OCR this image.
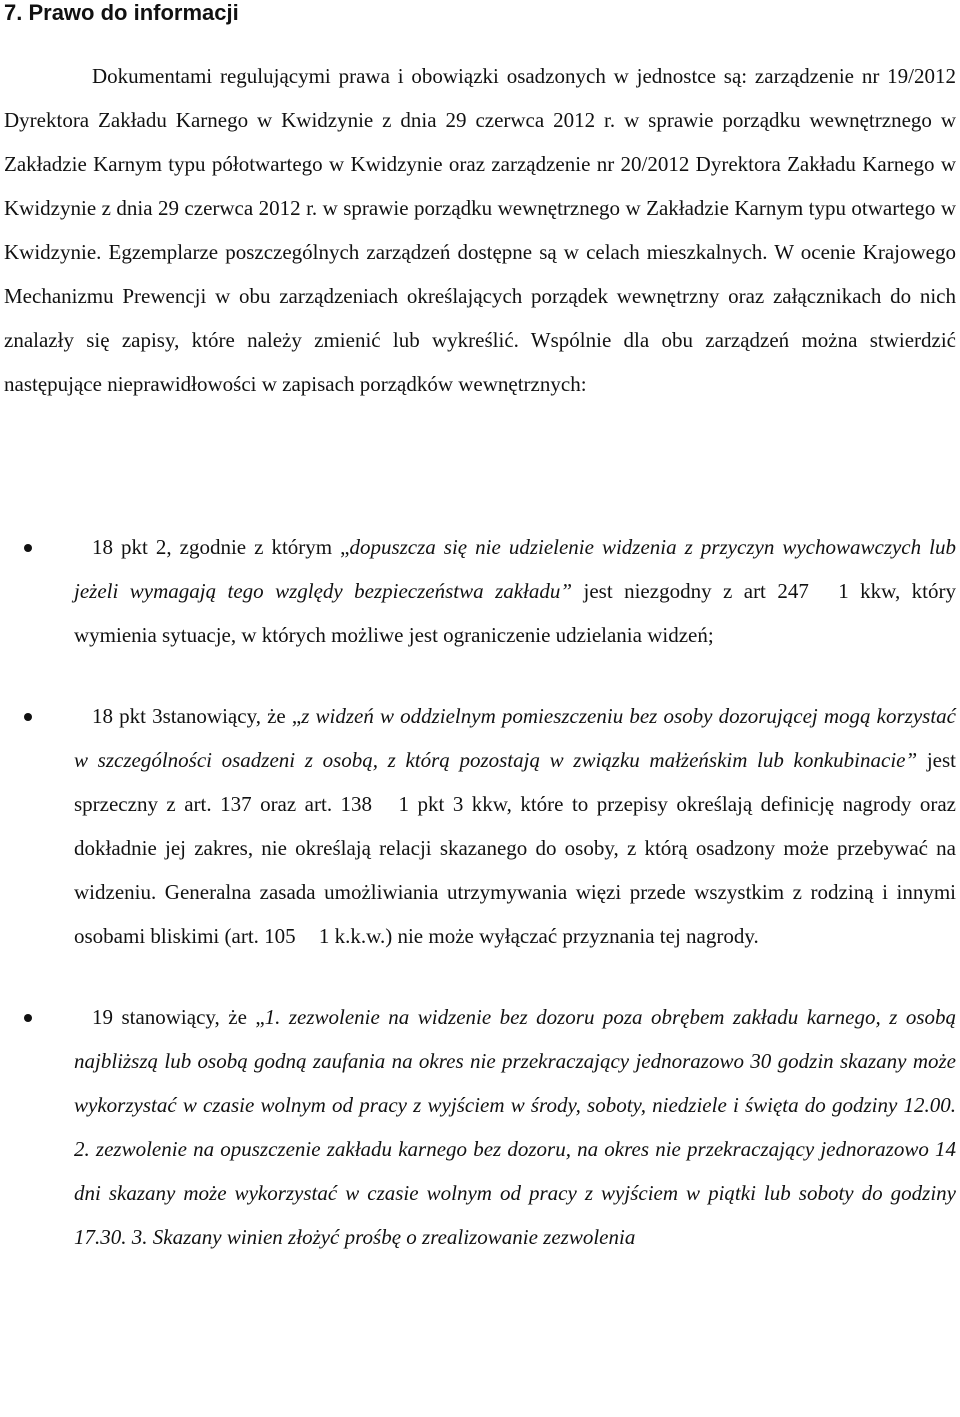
7. Prawo do informacji

Dokumentami regulującymi prawa i obowiązki osadzonych w jednostce są: zarządzenie nr 19/2012 Dyrektora Zakładu Karnego w Kwidzynie z dnia 29 czerwca 2012 r. w sprawie porządku wewnętrznego w Zakładzie Karnym typu półotwartego w Kwidzynie oraz zarządzenie nr 20/2012 Dyrektora Zakładu Karnego w Kwidzynie z dnia 29 czerwca 2012 r. w sprawie porządku wewnętrznego w Zakładzie Karnym typu otwartego w Kwidzynie. Egzemplarze poszczególnych zarządzeń dostępne są w celach mieszkalnych. W ocenie Krajowego Mechanizmu Prewencji w obu zarządzeniach określających porządek wewnętrzny oraz załącznikach do nich znalazły się zapisy, które należy zmienić lub wykreślić. Wspólnie dla obu zarządzeń można stwierdzić następujące nieprawidłowości w zapisach porządków wewnętrznych:

18 pkt 2, zgodnie z którym „dopuszcza się nie udzielenie widzenia z przyczyn wychowawczych lub jeżeli wymagają tego względy bezpieczeństwa zakładu” jest niezgodny z art 247 1 kkw, który wymienia sytuacje, w których możliwe jest ograniczenie udzielania widzeń;
18 pkt 3stanowiący, że „z widzeń w oddzielnym pomieszczeniu bez osoby dozorującej mogą korzystać w szczególności osadzeni z osobą, z którą pozostają w związku małżeńskim lub konkubinacie” jest sprzeczny z art. 137 oraz art. 138 1 pkt 3 kkw, które to przepisy określają definicję nagrody oraz dokładnie jej zakres, nie określają relacji skazanego do osoby, z którą osadzony może przebywać na widzeniu. Generalna zasada umożliwiania utrzymywania więzi przede wszystkim z rodziną i innymi osobami bliskimi (art. 105 1 k.k.w.) nie może wyłączać przyznania tej nagrody.
19 stanowiący, że „1. zezwolenie na widzenie bez dozoru poza obrębem zakładu karnego, z osobą najbliższą lub osobą godną zaufania na okres nie przekraczający jednorazowo 30 godzin skazany może wykorzystać w czasie wolnym od pracy z wyjściem w środy, soboty, niedziele i święta do godziny 12.00. 2. zezwolenie na opuszczenie zakładu karnego bez dozoru, na okres nie przekraczający jednorazowo 14 dni skazany może wykorzystać w czasie wolnym od pracy z wyjściem w piątki lub soboty do godziny 17.30. 3. Skazany winien złożyć prośbę o zrealizowanie zezwolenia
